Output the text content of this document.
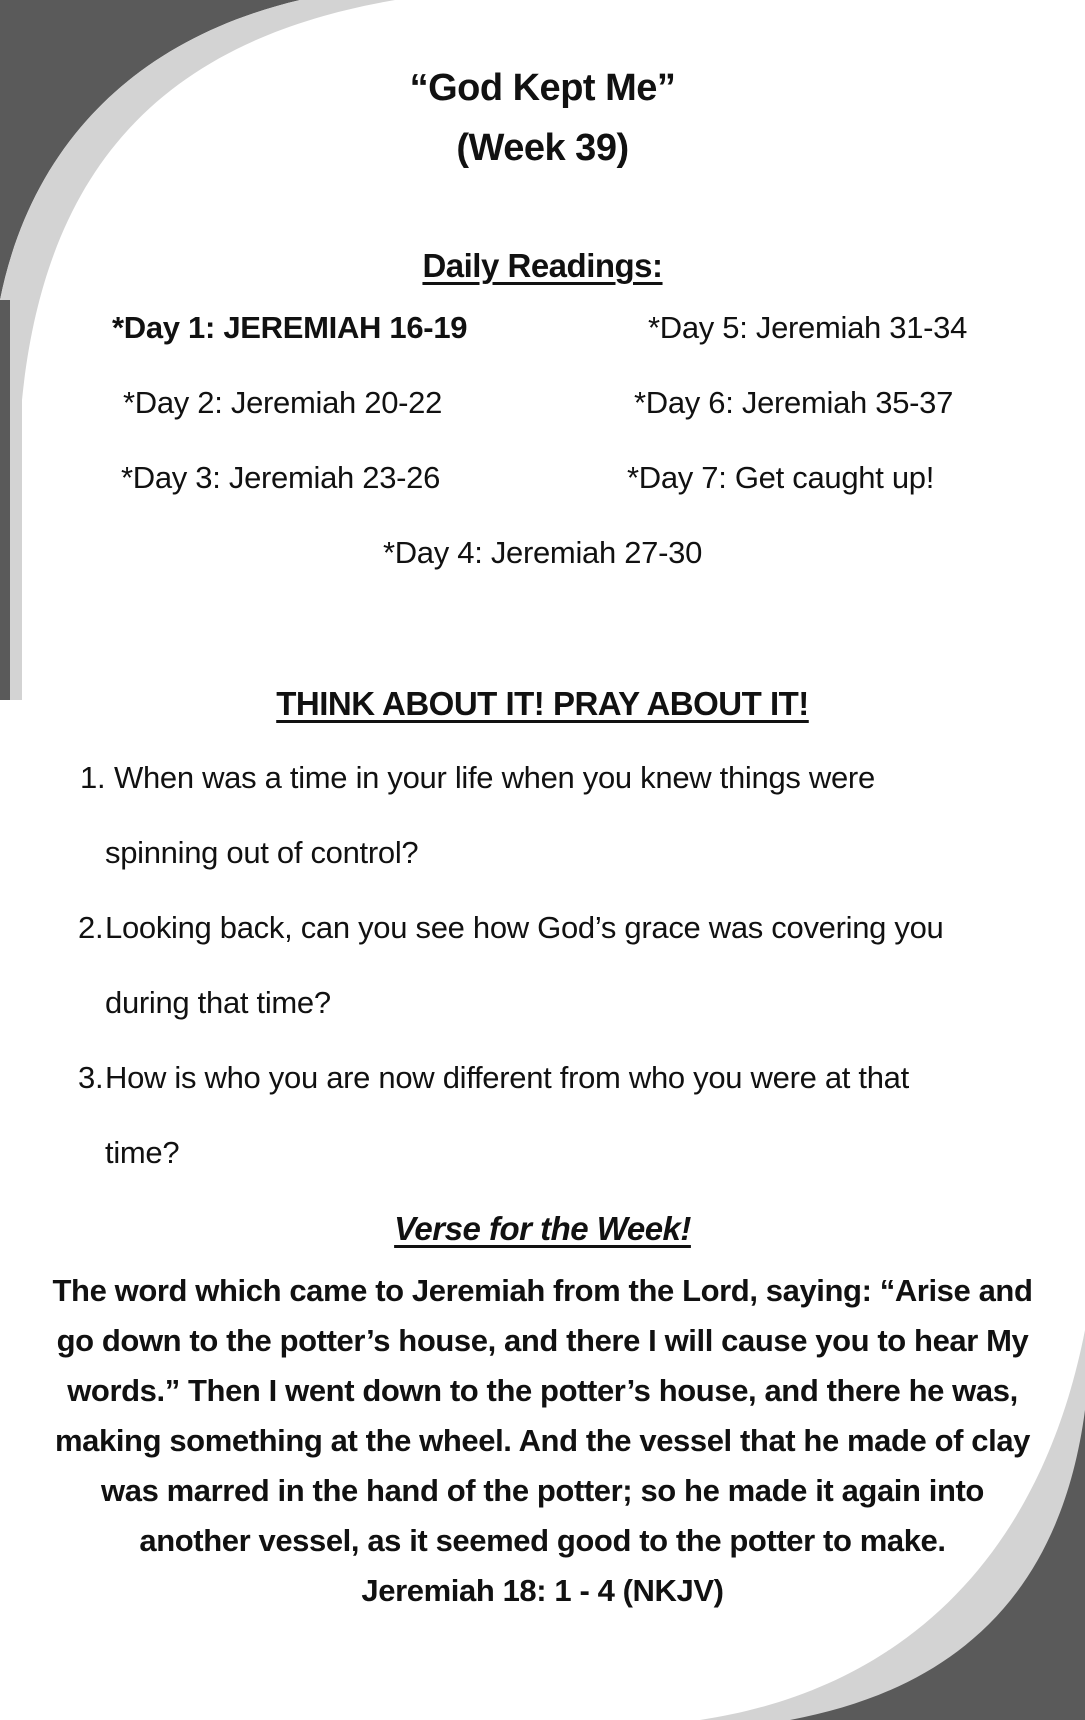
“God Kept Me”
(Week 39)
Daily Readings:
*Day 1: JEREMIAH 16-19
*Day 2: Jeremiah 20-22
*Day 3: Jeremiah 23-26
*Day 5: Jeremiah 31-34
*Day 6: Jeremiah 35-37
*Day 7: Get caught up!
*Day 4: Jeremiah 27-30
THINK ABOUT IT! PRAY ABOUT IT!
1. When was a time in your life when you knew things were
spinning out of control?
2. Looking back, can you see how God’s grace was covering you
during that time?
3. How is who you are now different from who you were at that
time?
Verse for the Week!
The word which came to Jeremiah from the Lord, saying: “Arise and
go down to the potter’s house, and there I will cause you to hear My
words.” Then I went down to the potter’s house, and there he was,
making something at the wheel. And the vessel that he made of clay
was marred in the hand of the potter; so he made it again into
another vessel, as it seemed good to the potter to make.
Jeremiah 18: 1 - 4 (NKJV)
